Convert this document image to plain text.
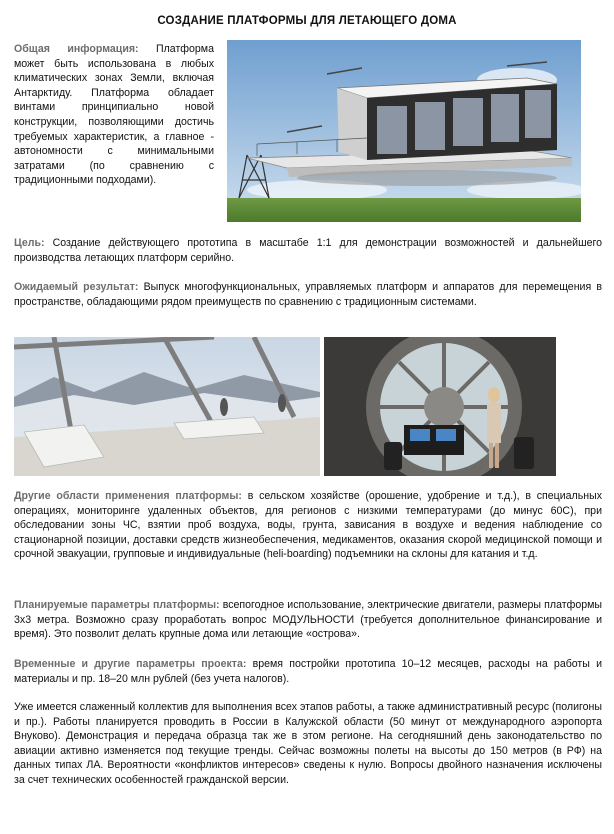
СОЗДАНИЕ ПЛАТФОРМЫ ДЛЯ ЛЕТАЮЩЕГО ДОМА

Общая информация: Платформа может быть использована в любых климатических зонах Земли, включая Антарктиду. Платформа обладает винтами принципиально новой конструкции, позволяющими достичь требуемых характеристик, а главное - автономности с минимальными затратами (по сравнению с традиционными подходами).

Цель: Создание действующего прототипа в масштабе 1:1 для демонстрации возможностей и дальнейшего производства летающих платформ серийно.

Ожидаемый результат: Выпуск многофункциональных, управляемых платформ и аппаратов для перемещения в пространстве, обладающими рядом преимуществ по сравнению с традиционным системами.

Другие области применения платформы: в сельском хозяйстве (орошение, удобрение и т.д.), в специальных операциях, мониторинге удаленных объектов, для регионов с низкими температурами (до минус 60С), при обследовании зоны ЧС, взятии проб воздуха, воды, грунта, зависания в воздухе и ведения наблюдение со стационарной позиции, доставки средств жизнеобеспечения, медикаментов, оказания скорой медицинской помощи и срочной эвакуации, групповые и индивидуальные (heli-boarding) подъемники на склоны для катания и т.д.

Планируемые параметры платформы: всепогодное использование, электрические двигатели, размеры платформы 3х3 метра. Возможно сразу проработать вопрос МОДУЛЬНОСТИ (требуется дополнительное финансирование и время). Это позволит делать крупные дома или летающие «острова».

Временные и другие параметры проекта: время постройки прототипа 10–12 месяцев, расходы на работы и материалы и пр. 18–20 млн рублей (без учета налогов).

Уже имеется слаженный коллектив для выполнения всех этапов работы, а также административный ресурс (полигоны и пр.). Работы планируется проводить в России в Калужской области (50 минут от международного аэропорта Внуково). Демонстрация и передача образца так же в этом регионе. На сегодняшний день законодательство по авиации активно изменяется под текущие тренды. Сейчас возможны полеты на высоты до 150 метров (в РФ) на данных типах ЛА. Вероятности «конфликтов интересов» сведены к нулю. Вопросы двойного назначения исключены за счет технических особенностей гражданской версии.
